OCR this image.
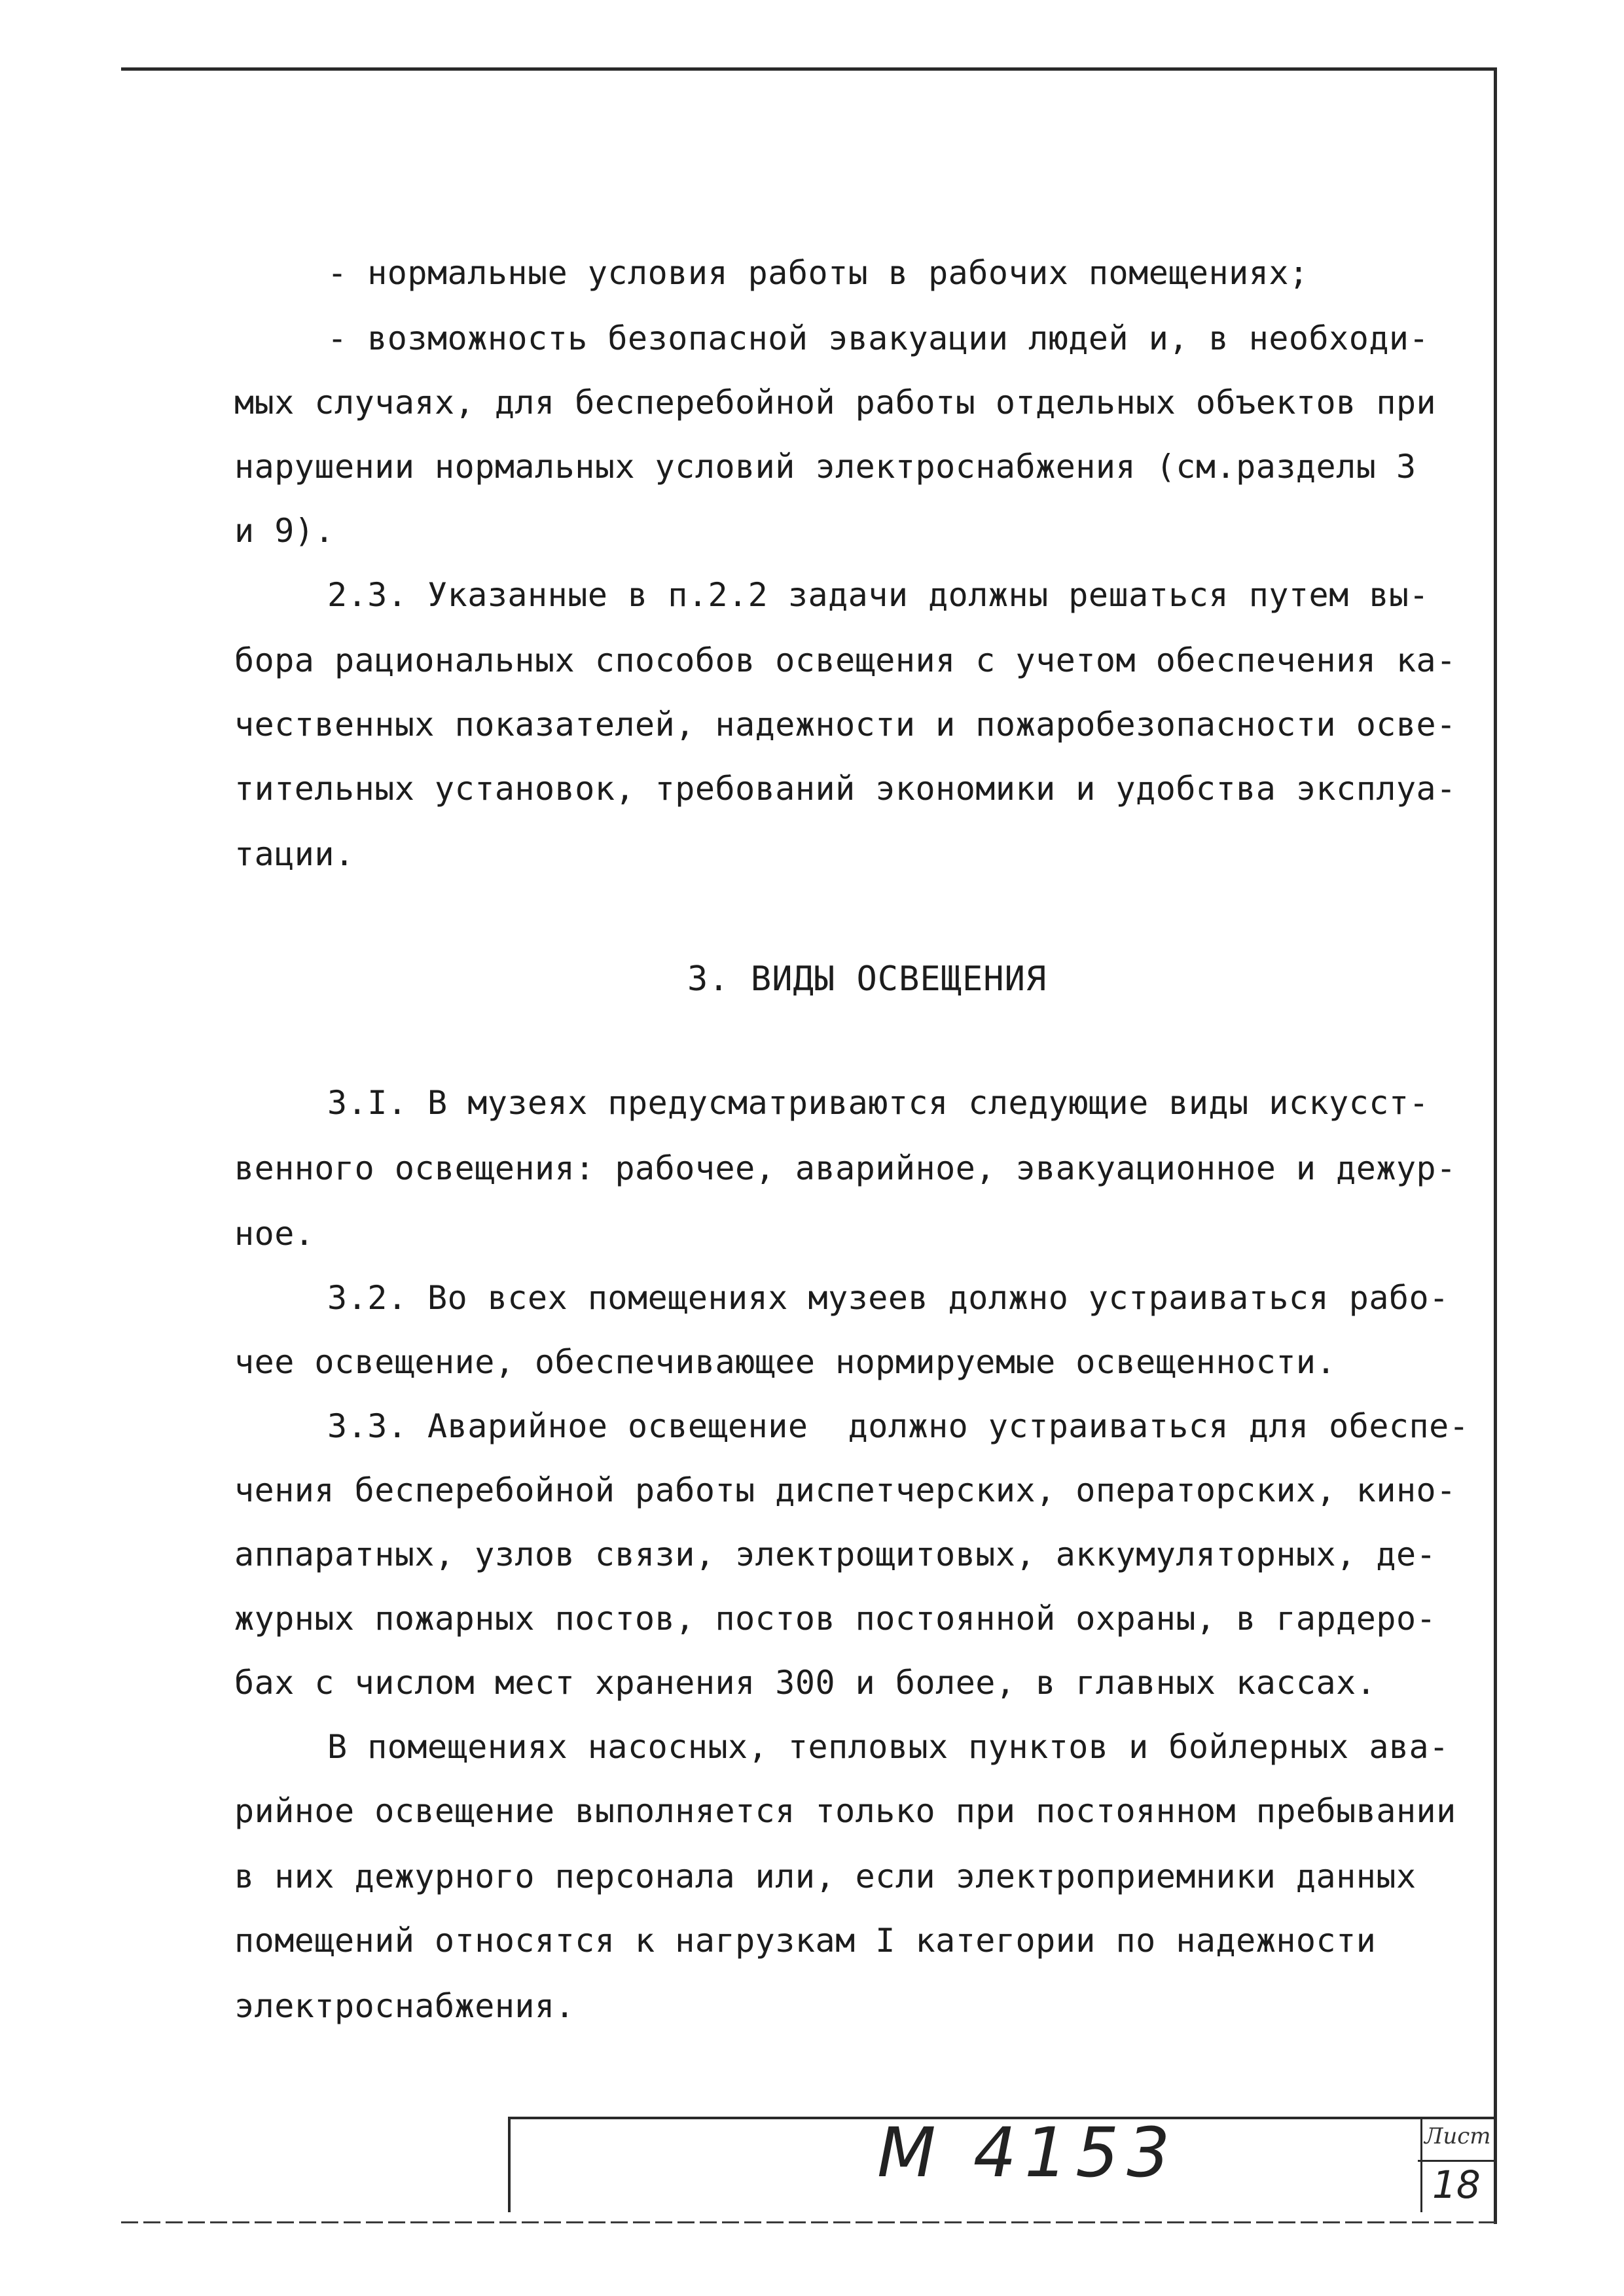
- нормальные условия работы в рабочих помещениях;
- возможность безопасной эвакуации людей и, в необходи-
мых случаях, для бесперебойной работы отдельных объектов при
нарушении нормальных условий электроснабжения (см.разделы 3
и 9).
2.3. Указанные в п.2.2 задачи должны решаться путем вы-
бора рациональных способов освещения с учетом обеспечения ка-
чественных показателей, надежности и пожаробезопасности осве-
тительных установок, требований экономики и удобства эксплуа-
тации.
3. ВИДЫ ОСВЕЩЕНИЯ
3.I. В музеях предусматриваются следующие виды искусст-
венного освещения: рабочее, аварийное, эвакуационное и дежур-
ное.
3.2. Во всех помещениях музеев должно устраиваться рабо-
чее освещение, обеспечивающее нормируемые освещенности.
3.3. Аварийное освещение  должно устраиваться для обеспе-
чения бесперебойной работы диспетчерских, операторских, кино-
аппаратных, узлов связи, электрощитовых, аккумуляторных, де-
журных пожарных постов, постов постоянной охраны, в гардеро-
бах с числом мест хранения 300 и более, в главных кассах.
В помещениях насосных, тепловых пунктов и бойлерных ава-
рийное освещение выполняется только при постоянном пребывании
в них дежурного персонала или, если электроприемники данных
помещений относятся к нагрузкам I категории по надежности
электроснабжения.
М 4153	Лист
18
